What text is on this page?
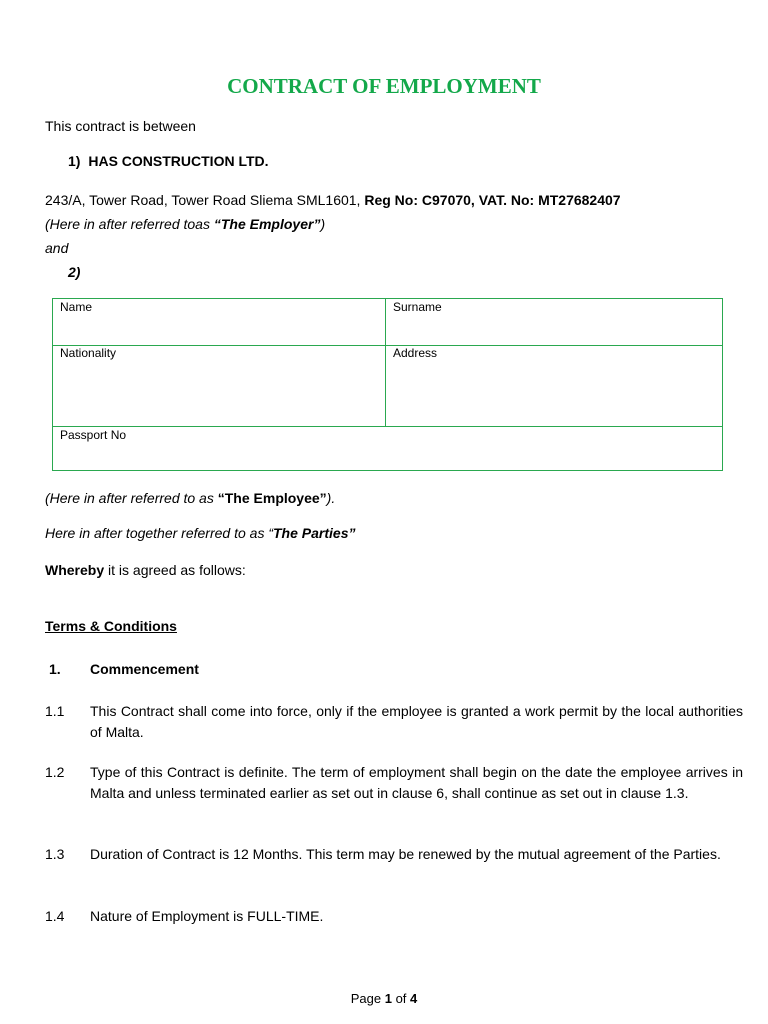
CONTRACT OF EMPLOYMENT
This contract is between
1) HAS CONSTRUCTION LTD.
243/A, Tower Road, Tower Road Sliema SML1601, Reg No: C97070, VAT. No: MT27682407
(Here in after referred toas “The Employer”)
and
2)
Name	Surname
Nationality	Address
Passport No
(Here in after referred to as “The Employee”).
Here in after together referred to as “The Parties”
Whereby it is agreed as follows:
Terms & Conditions
1. Commencement
1.1 This Contract shall come into force, only if the employee is granted a work permit by the local authorities of Malta.
1.2 Type of this Contract is definite. The term of employment shall begin on the date the employee arrives in Malta and unless terminated earlier as set out in clause 6, shall continue as set out in clause 1.3.
1.3 Duration of Contract is 12 Months. This term may be renewed by the mutual agreement of the Parties.
1.4 Nature of Employment is FULL-TIME.
Page 1 of 4
